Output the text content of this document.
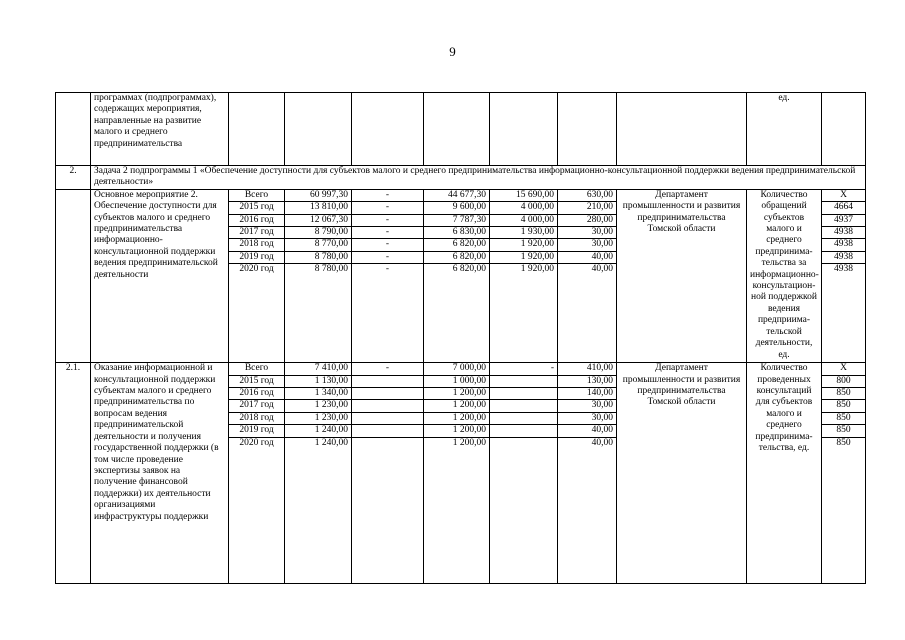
9
	программах (подпрограммах), содержащих мероприятия, направленные на развитие малого и среднего предпринимательства								ед.	
2.	Задача 2 подпрограммы 1 «Обеспечение доступности для субъектов малого и среднего предпринимательства информационно-консультационной поддержки ведения предпринимательской деятельности»									
	Основное мероприятие 2. Обеспечение доступности для субъектов малого и среднего предпринимательства информационно-консультационной поддержки ведения предпринимательской деятельности	Всего	60 997,30	-	44 677,30	15 690,00	630,00	Департамент промышленности и развития предпринимательства Томской области	Количество обращений субъектов малого и среднего предпринима-тельства за информационно-консультацион-ной поддержкой ведения предприима-тельской деятельности, ед.	X
		2015 год	13 810,00	-	9 600,00	4 000,00	210,00			4664
		2016 год	12 067,30	-	7 787,30	4 000,00	280,00			4937
		2017 год	8 790,00	-	6 830,00	1 930,00	30,00			4938
		2018 год	8 770,00	-	6 820,00	1 920,00	30,00			4938
		2019 год	8 780,00	-	6 820,00	1 920,00	40,00			4938
		2020 год	8 780,00	-	6 820,00	1 920,00	40,00			4938
2.1.	Оказание информационной и консультационной поддержки субъектам малого и среднего предпринимательства по вопросам ведения предпринимательской деятельности и получения государственной поддержки (в том числе проведение экспертизы заявок на получение финансовой поддержки) их деятельности организациями инфраструктуры поддержки	Всего	7 410,00	-	7 000,00	-	410,00	Департамент промышленности и развития предпринимательства Томской области	Количество проведенных консультаций для субъектов малого и среднего предпринима-тельства, ед.	X
		2015 год	1 130,00		1 000,00		130,00			800
		2016 год	1 340,00		1 200,00		140,00			850
		2017 год	1 230,00		1 200,00		30,00			850
		2018 год	1 230,00		1 200,00		30,00			850
		2019 год	1 240,00		1 200,00		40,00			850
		2020 год	1 240,00		1 200,00		40,00			850
